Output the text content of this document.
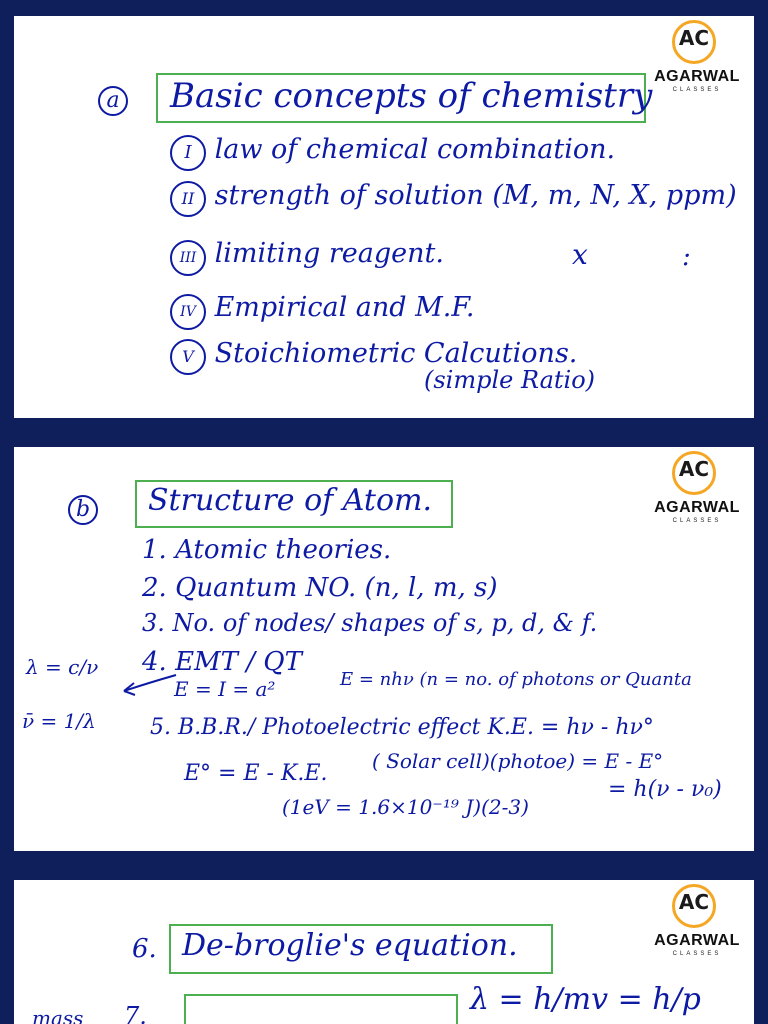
AC
AGARWAL
CLASSES
a Basic concepts of chemistry
I law of chemical combination.
II strength of solution (M, m, N, X, ppm)
III limiting reagent.	x	:
IV Empirical and M.F.
V Stoichiometric Calcutions.
(simple Ratio)
AC
AGARWAL
CLASSES
b Structure of Atom.
1. Atomic theories.
2. Quantum NO. (n, l, m, s)
3. No. of nodes/ shapes of s, p, d, & f.
4. EMT / QT
E = I = a²	E = nhν (n = no. of photons or Quanta
5. B.B.R./ Photoelectric effect K.E. = hν - hν°
( Solar cell)(photoe) = E - E°
E° = E - K.E.
= h(ν - ν₀)
(1eV = 1.6×10⁻¹⁹ J)(2-3)
λ = c/ν
ν̄ = 1/λ
AC
AGARWAL
CLASSES
6. De-broglie's equation.
mass 7.	λ = h/mv = h/p
